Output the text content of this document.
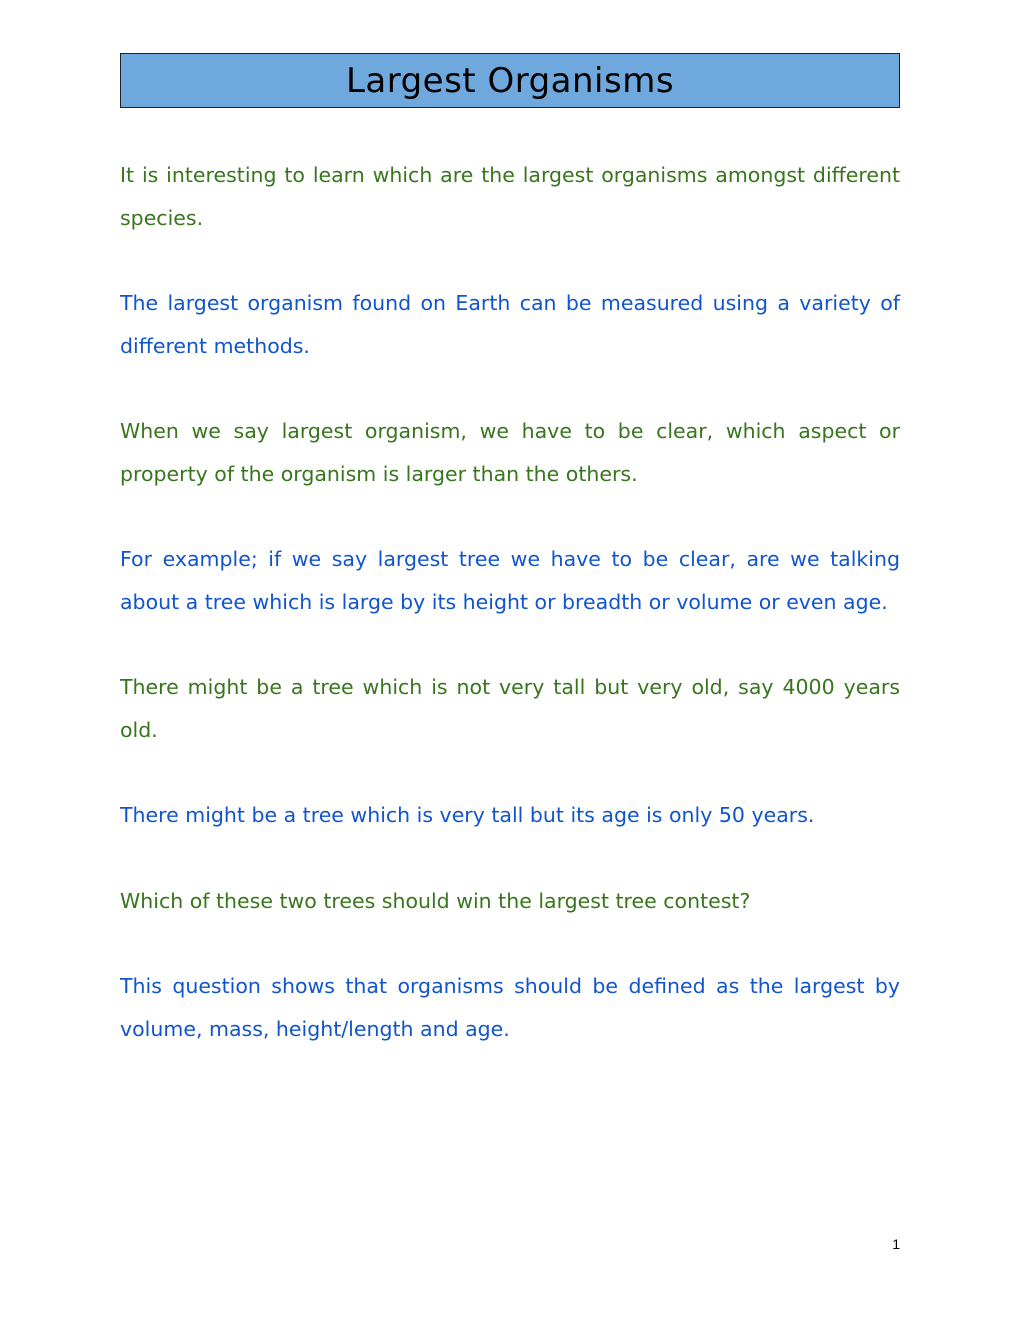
Largest Organisms

It is interesting to learn which are the largest organisms amongst different species.

The largest organism found on Earth can be measured using a variety of different methods.

When we say largest organism, we have to be clear, which aspect or property of the organism is larger than the others.

For example; if we say largest tree we have to be clear, are we talking about a tree which is large by its height or breadth or volume or even age.

There might be a tree which is not very tall but very old, say 4000 years old.

There might be a tree which is very tall but its age is only 50 years.

Which of these two trees should win the largest tree contest?

This question shows that organisms should be defined as the largest by volume, mass, height/length and age.

1
